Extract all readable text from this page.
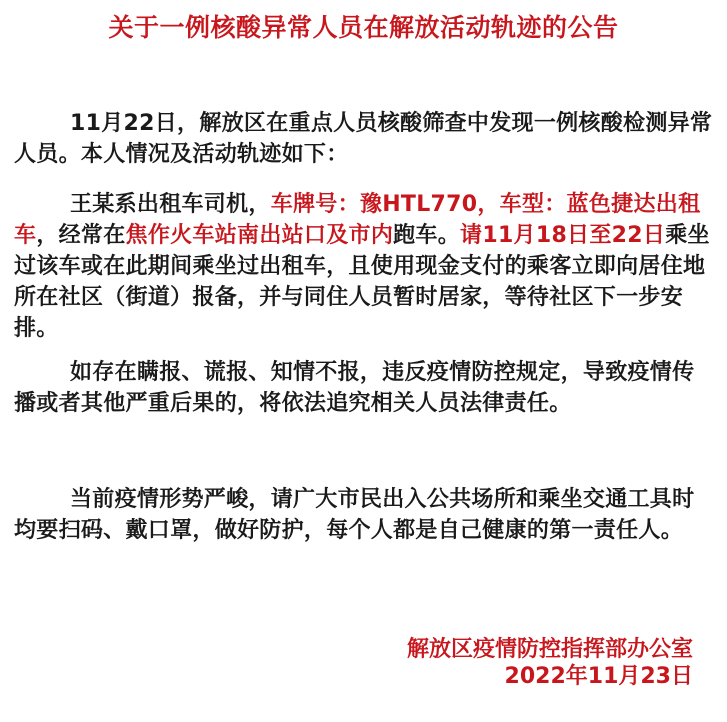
关于一例核酸异常人员在解放活动轨迹的公告
11月22日，解放区在重点人员核酸筛查中发现一例核酸检测异常人员。本人情况及活动轨迹如下：
王某系出租车司机，车牌号：豫HTL770，车型：蓝色捷达出租车，经常在焦作火车站南出站口及市内跑车。请11月18日至22日乘坐过该车或在此期间乘坐过出租车，且使用现金支付的乘客立即向居住地所在社区（街道）报备，并与同住人员暂时居家，等待社区下一步安排。
如存在瞒报、谎报、知情不报，违反疫情防控规定，导致疫情传播或者其他严重后果的，将依法追究相关人员法律责任。
当前疫情形势严峻，请广大市民出入公共场所和乘坐交通工具时均要扫码、戴口罩，做好防护，每个人都是自己健康的第一责任人。
解放区疫情防控指挥部办公室
2022年11月23日
